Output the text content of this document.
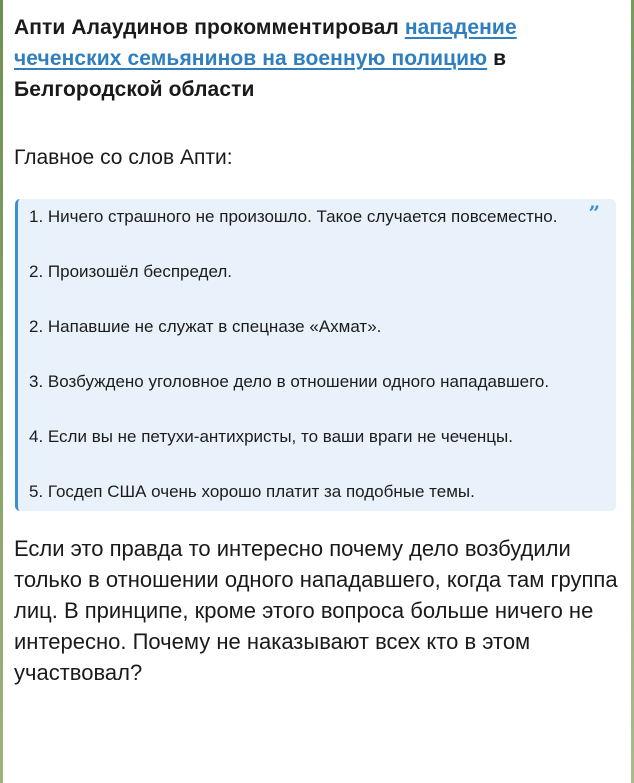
Апти Алаудинов прокомментировал нападение чеченских семьянинов на военную полицию в Белгородской области

Главное со слов Апти:

”

1. Ничего страшного не произошло. Такое случается повсеместно.

2. Произошёл беспредел.

2. Напавшие не служат в спецназе «Ахмат».

3. Возбуждено уголовное дело в отношении одного нападавшего.

4. Если вы не петухи-антихристы, то ваши враги не чеченцы.

5. Госдеп США очень хорошо платит за подобные темы.

Если это правда то интересно почему дело возбудили только в отношении одного нападавшего, когда там группа лиц. В принципе, кроме этого вопроса больше ничего не интересно. Почему не наказывают всех кто в этом участвовал?
